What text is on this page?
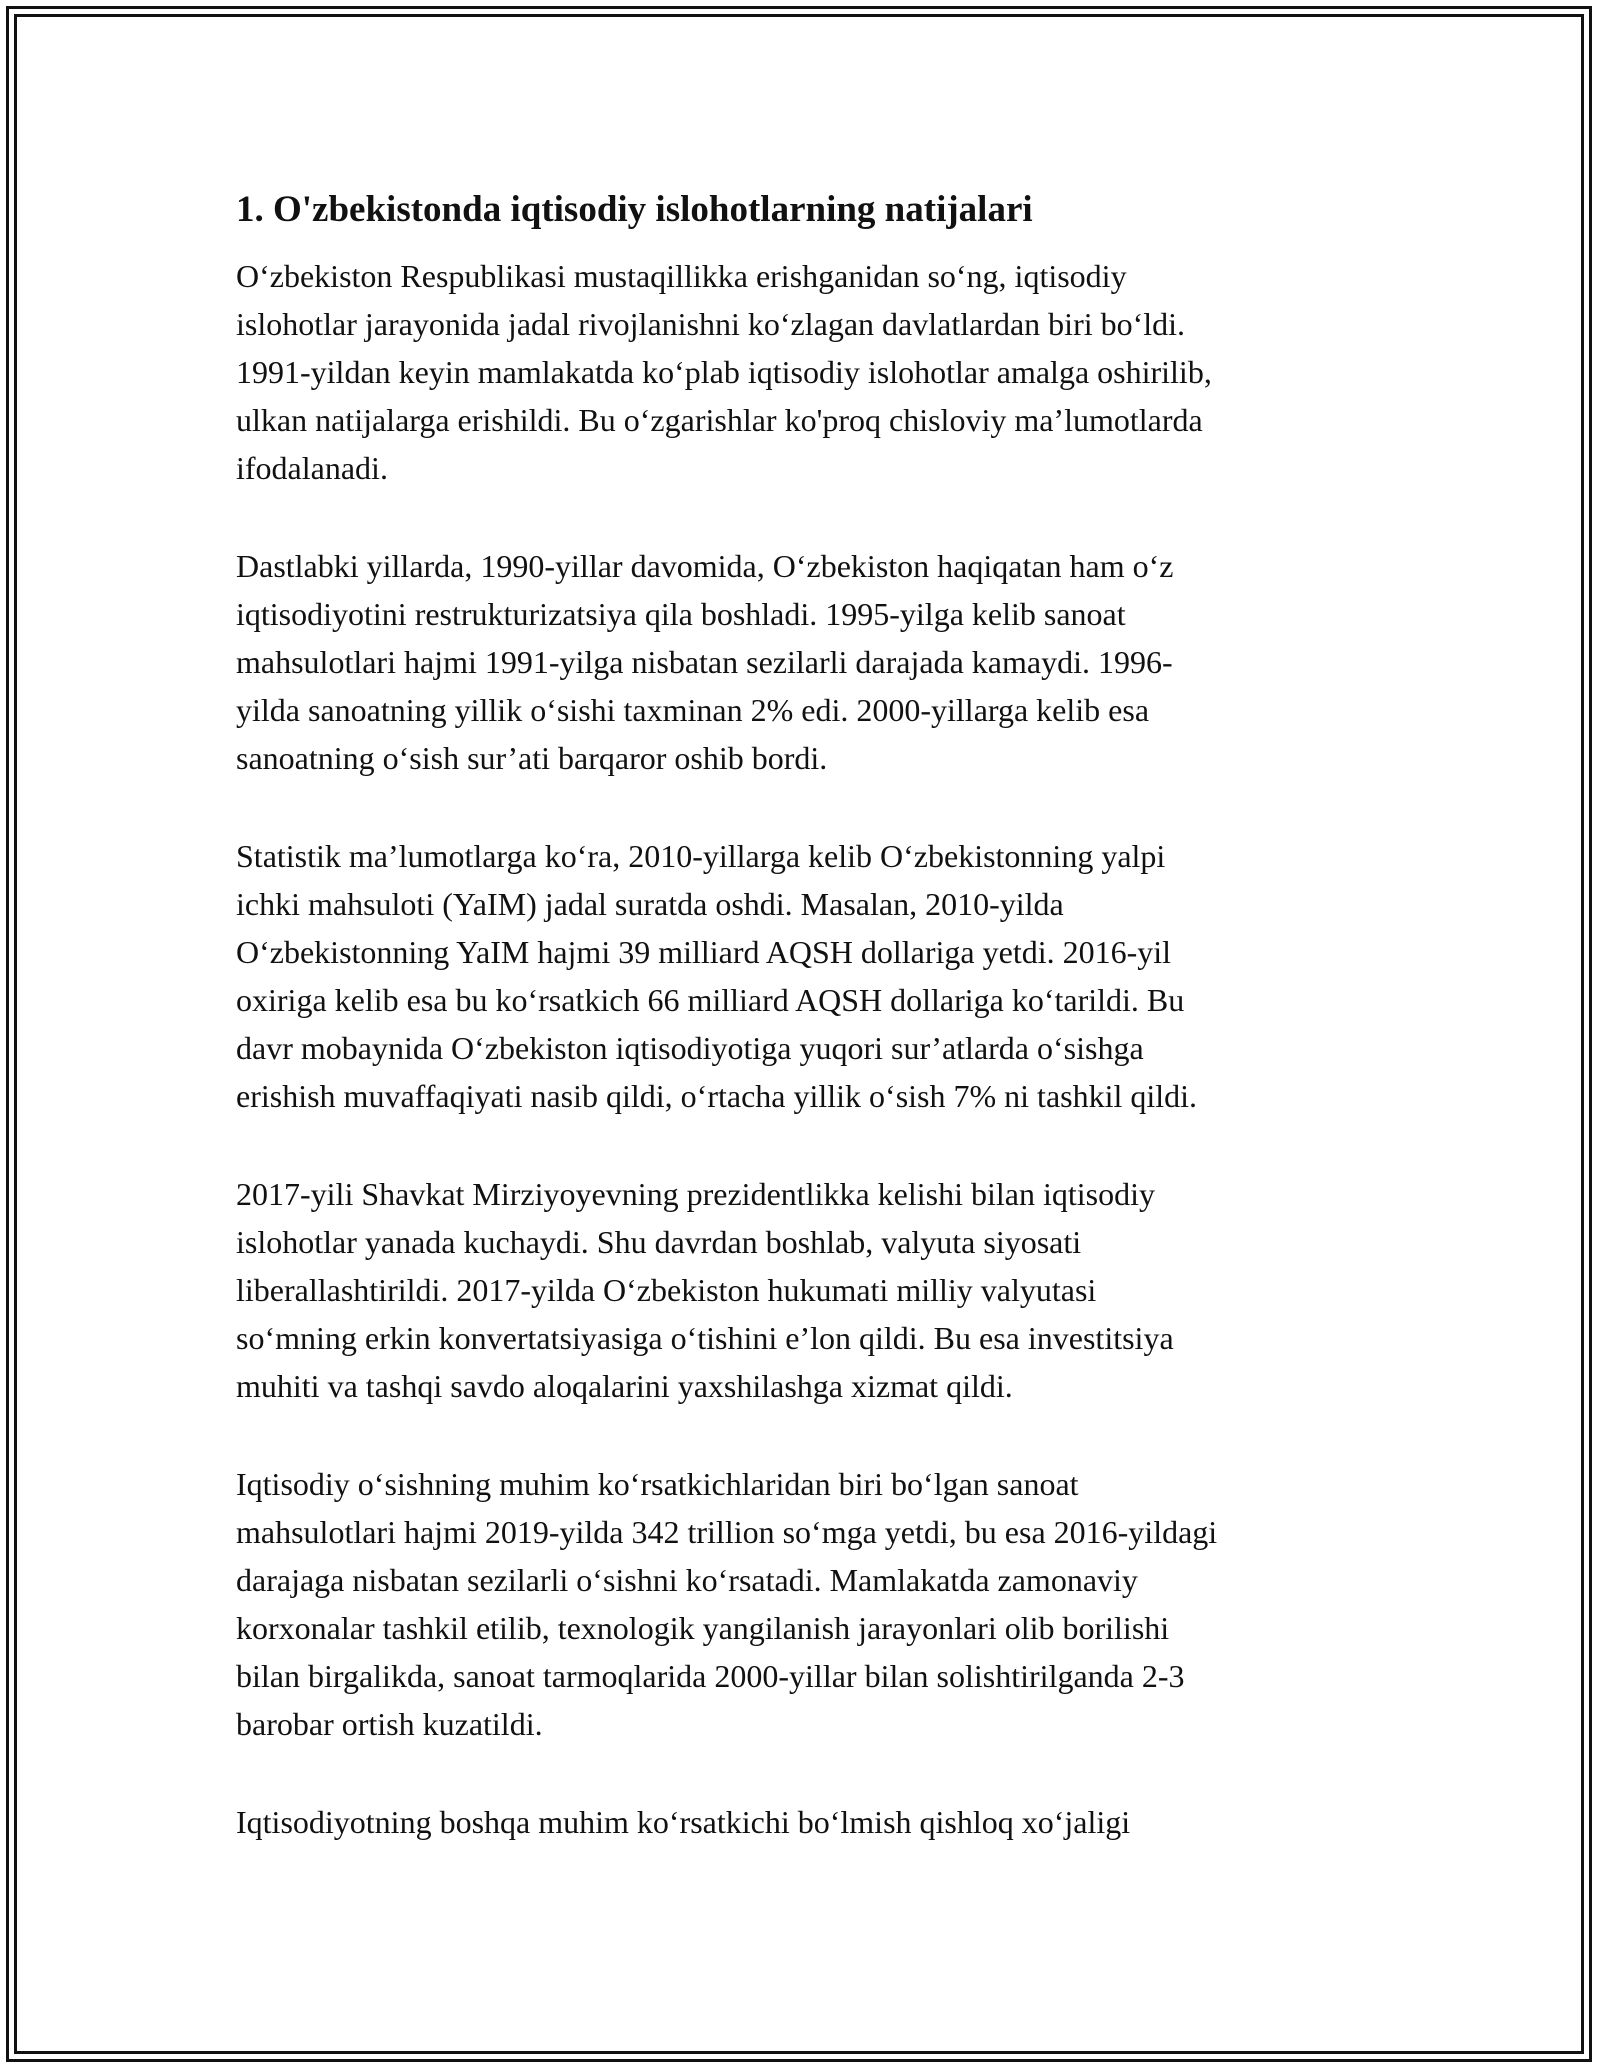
1. O'zbekistonda iqtisodiy islohotlarning natijalari

O‘zbekiston Respublikasi mustaqillikka erishganidan so‘ng, iqtisodiy
islohotlar jarayonida jadal rivojlanishni ko‘zlagan davlatlardan biri bo‘ldi.
1991-yildan keyin mamlakatda ko‘plab iqtisodiy islohotlar amalga oshirilib,
ulkan natijalarga erishildi. Bu o‘zgarishlar ko'proq chisloviy ma’lumotlarda
ifodalanadi.

Dastlabki yillarda, 1990-yillar davomida, O‘zbekiston haqiqatan ham o‘z
iqtisodiyotini restrukturizatsiya qila boshladi. 1995-yilga kelib sanoat
mahsulotlari hajmi 1991-yilga nisbatan sezilarli darajada kamaydi. 1996-
yilda sanoatning yillik o‘sishi taxminan 2% edi. 2000-yillarga kelib esa
sanoatning o‘sish sur’ati barqaror oshib bordi.

Statistik ma’lumotlarga ko‘ra, 2010-yillarga kelib O‘zbekistonning yalpi
ichki mahsuloti (YaIM) jadal suratda oshdi. Masalan, 2010-yilda
O‘zbekistonning YaIM hajmi 39 milliard AQSH dollariga yetdi. 2016-yil
oxiriga kelib esa bu ko‘rsatkich 66 milliard AQSH dollariga ko‘tarildi. Bu
davr mobaynida O‘zbekiston iqtisodiyotiga yuqori sur’atlarda o‘sishga
erishish muvaffaqiyati nasib qildi, o‘rtacha yillik o‘sish 7% ni tashkil qildi.

2017-yili Shavkat Mirziyoyevning prezidentlikka kelishi bilan iqtisodiy
islohotlar yanada kuchaydi. Shu davrdan boshlab, valyuta siyosati
liberallashtirildi. 2017-yilda O‘zbekiston hukumati milliy valyutasi
so‘mning erkin konvertatsiyasiga o‘tishini e’lon qildi. Bu esa investitsiya
muhiti va tashqi savdo aloqalarini yaxshilashga xizmat qildi.

Iqtisodiy o‘sishning muhim ko‘rsatkichlaridan biri bo‘lgan sanoat
mahsulotlari hajmi 2019-yilda 342 trillion so‘mga yetdi, bu esa 2016-yildagi
darajaga nisbatan sezilarli o‘sishni ko‘rsatadi. Mamlakatda zamonaviy
korxonalar tashkil etilib, texnologik yangilanish jarayonlari olib borilishi
bilan birgalikda, sanoat tarmoqlarida 2000-yillar bilan solishtirilganda 2-3
barobar ortish kuzatildi.

Iqtisodiyotning boshqa muhim ko‘rsatkichi bo‘lmish qishloq xo‘jaligi
